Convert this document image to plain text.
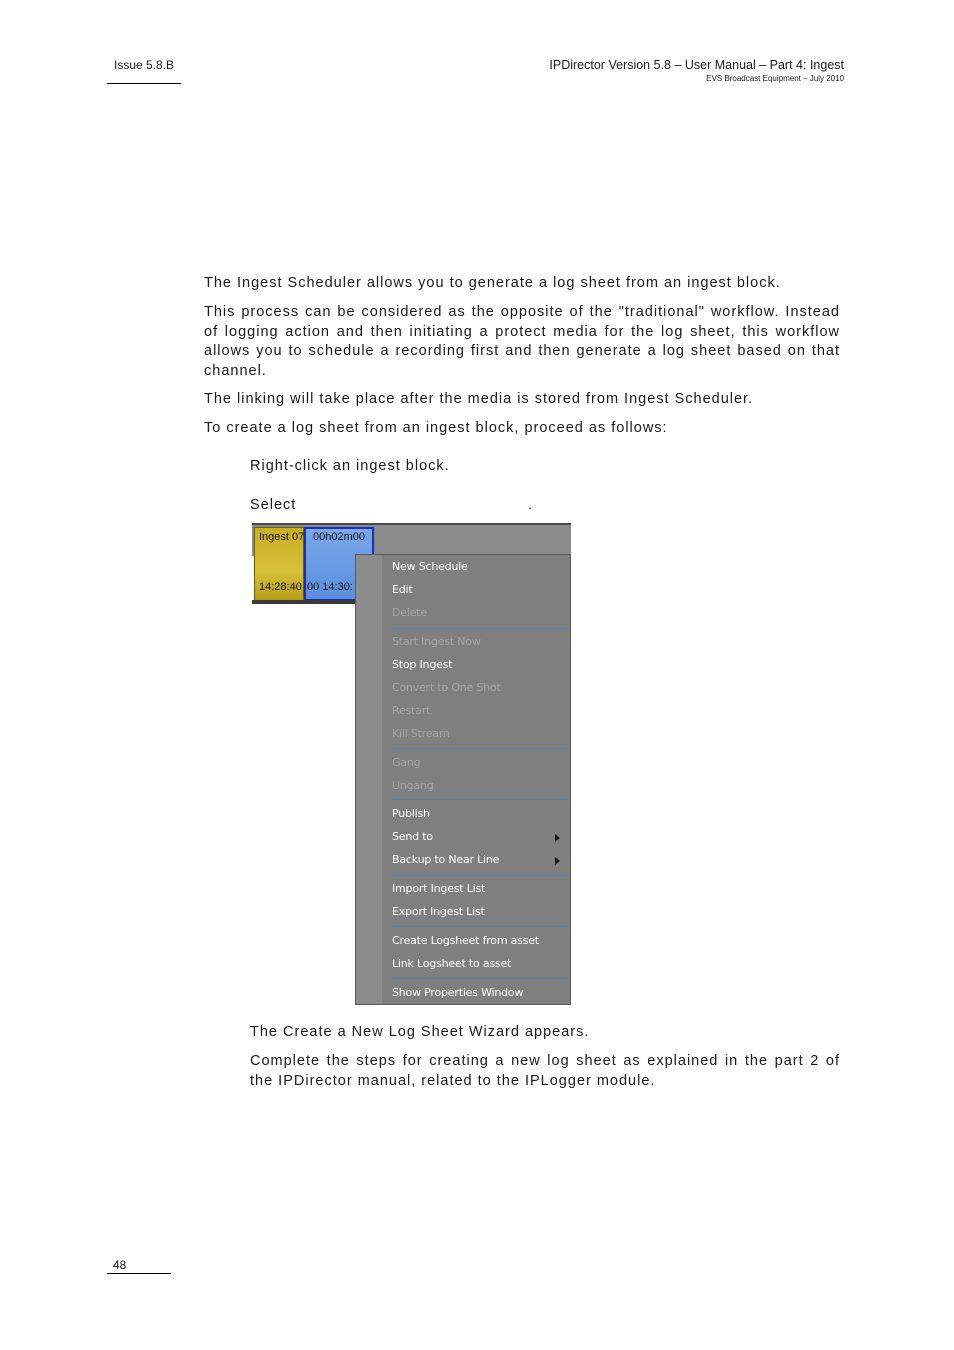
Issue 5.8.B	IPDirector Version 5.8 – User Manual – Part 4: Ingest
EVS Broadcast Equipment – July 2010

The Ingest Scheduler allows you to generate a log sheet from an ingest block.

This process can be considered as the opposite of the "traditional" workflow. Instead of logging action and then initiating a protect media for the log sheet, this workflow allows you to schedule a recording first and then generate a log sheet based on that channel.

The linking will take place after the media is stored from Ingest Scheduler.

To create a log sheet from an ingest block, proceed as follows:

Right-click an ingest block.

Select	.

Ingest 07
14:28:40
00h02m00
00 14:30:
New Schedule
Edit
Delete
Start Ingest Now
Stop Ingest
Convert to One Shot
Restart
Kill Stream
Gang
Ungang
Publish
Send to
Backup to Near Line
Import Ingest List
Export Ingest List
Create Logsheet from asset
Link Logsheet to asset
Show Properties Window

The Create a New Log Sheet Wizard appears.

Complete the steps for creating a new log sheet as explained in the part 2 of the IPDirector manual, related to the IPLogger module.

48
